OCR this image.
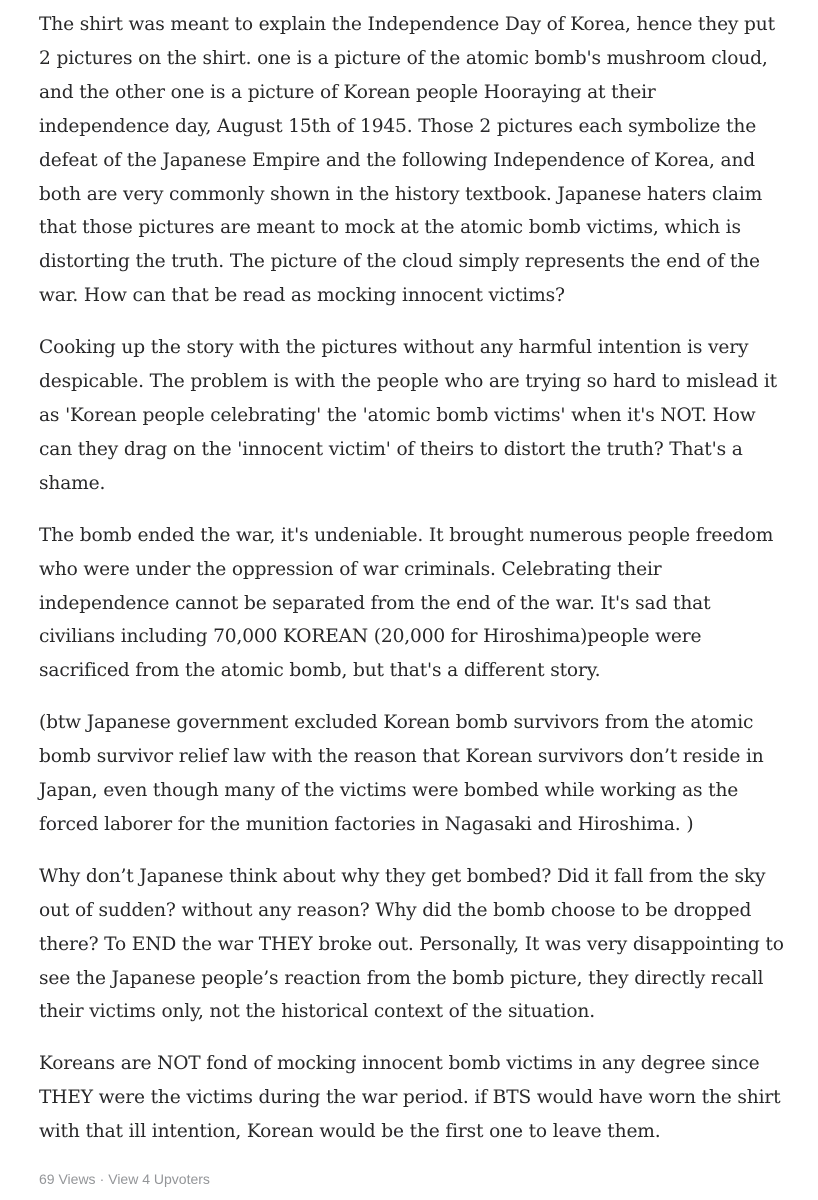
The shirt was meant to explain the Independence Day of Korea, hence they put 2 pictures on the shirt. one is a picture of the atomic bomb's mushroom cloud, and the other one is a picture of Korean people Hooraying at their independence day, August 15th of 1945. Those 2 pictures each symbolize the defeat of the Japanese Empire and the following Independence of Korea, and both are very commonly shown in the history textbook. Japanese haters claim that those pictures are meant to mock at the atomic bomb victims, which is distorting the truth. The picture of the cloud simply represents the end of the war. How can that be read as mocking innocent victims?

Cooking up the story with the pictures without any harmful intention is very despicable. The problem is with the people who are trying so hard to mislead it as 'Korean people celebrating' the 'atomic bomb victims' when it's NOT. How can they drag on the 'innocent victim' of theirs to distort the truth? That's a shame.

The bomb ended the war, it's undeniable. It brought numerous people freedom who were under the oppression of war criminals. Celebrating their independence cannot be separated from the end of the war. It's sad that civilians including 70,000 KOREAN (20,000 for Hiroshima)people were sacrificed from the atomic bomb, but that's a different story.

(btw Japanese government excluded Korean bomb survivors from the atomic bomb survivor relief law with the reason that Korean survivors don’t reside in Japan, even though many of the victims were bombed while working as the forced laborer for the munition factories in Nagasaki and Hiroshima. )

Why don’t Japanese think about why they get bombed? Did it fall from the sky out of sudden? without any reason? Why did the bomb choose to be dropped there? To END the war THEY broke out. Personally, It was very disappointing to see the Japanese people’s reaction from the bomb picture, they directly recall their victims only, not the historical context of the situation.

Koreans are NOT fond of mocking innocent bomb victims in any degree since THEY were the victims during the war period. if BTS would have worn the shirt with that ill intention, Korean would be the first one to leave them.

69 Views · View 4 Upvoters
